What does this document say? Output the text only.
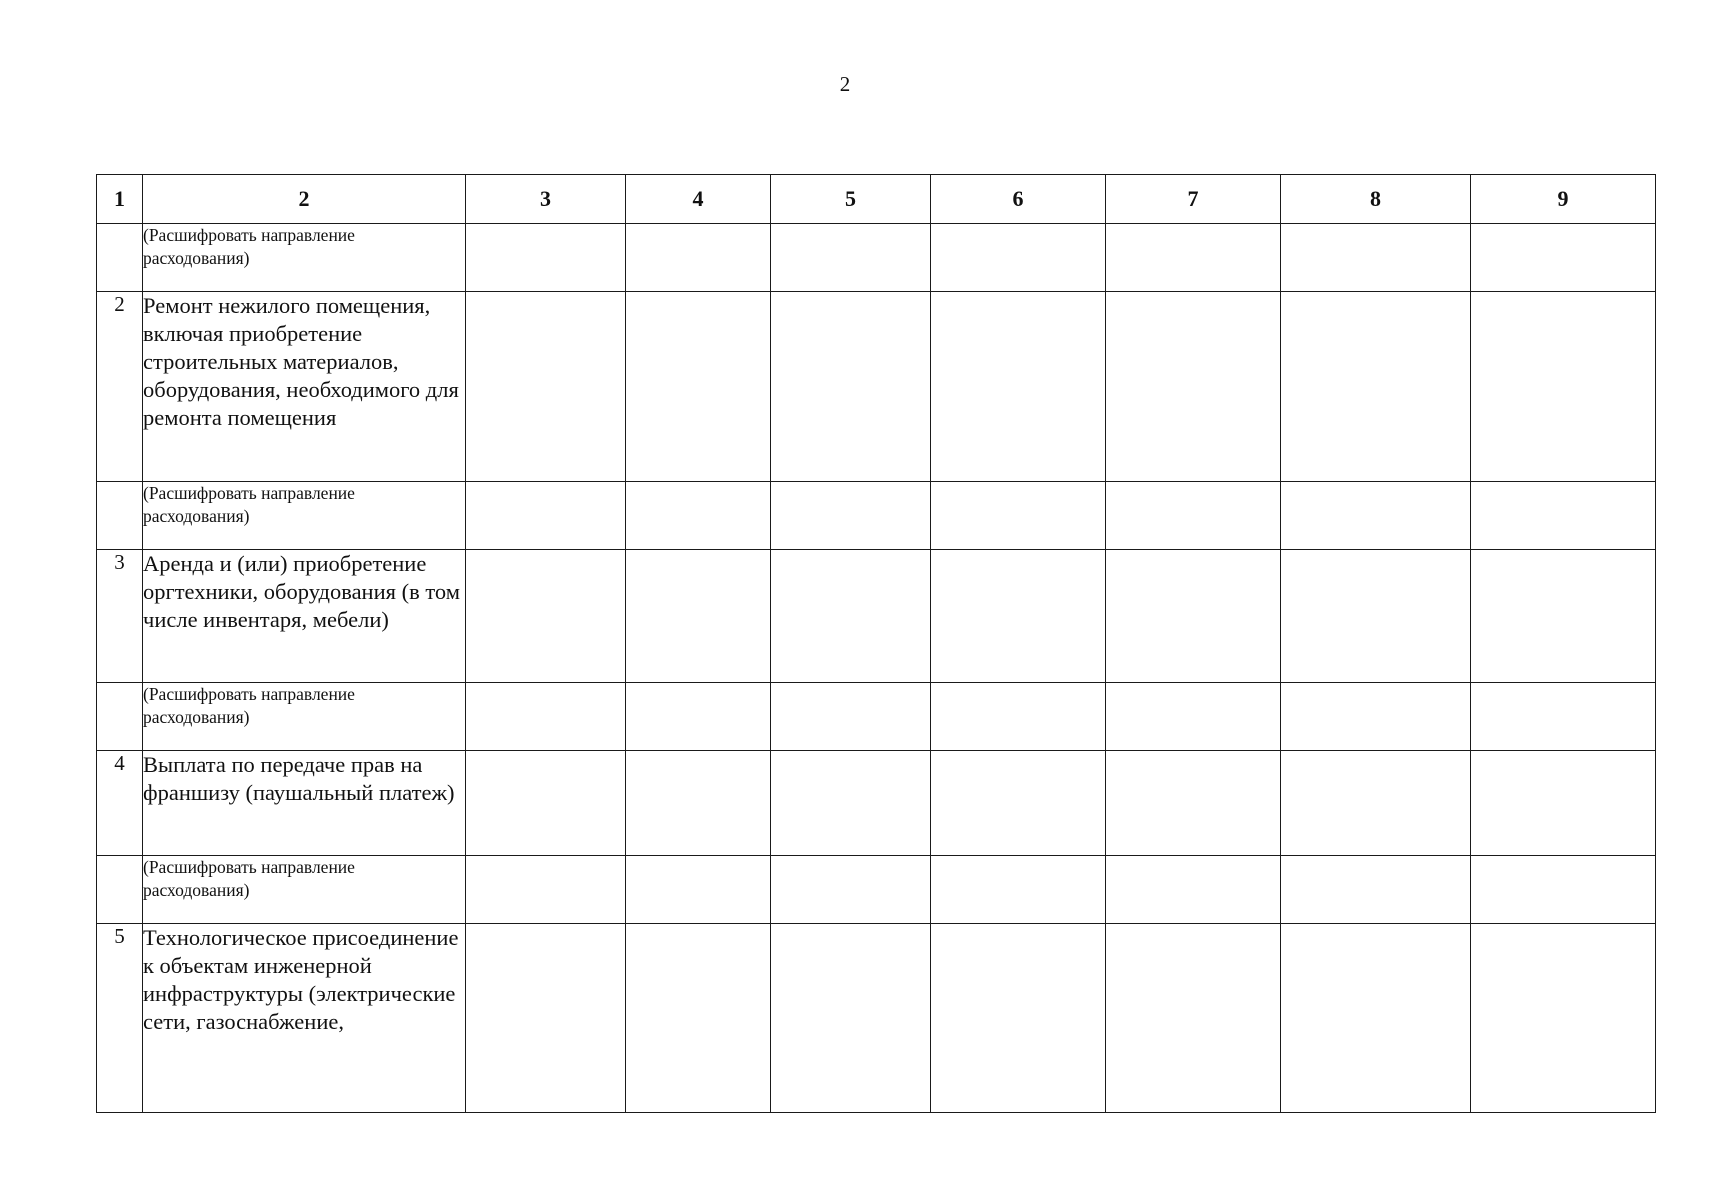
2
1	2	3	4	5	6	7	8	9
	(Расшифровать направление расходования)							
2	Ремонт нежилого помещения, включая приобретение строительных материалов, оборудования, необходимого для ремонта помещения							
	(Расшифровать направление расходования)							
3	Аренда и (или) приобретение оргтехники, оборудования (в том числе инвентаря, мебели)							
	(Расшифровать направление расходования)							
4	Выплата по передаче прав на франшизу (паушальный платеж)							
	(Расшифровать направление расходования)							
5	Технологическое присоединение к объектам инженерной инфраструктуры (электрические сети, газоснабжение,							
